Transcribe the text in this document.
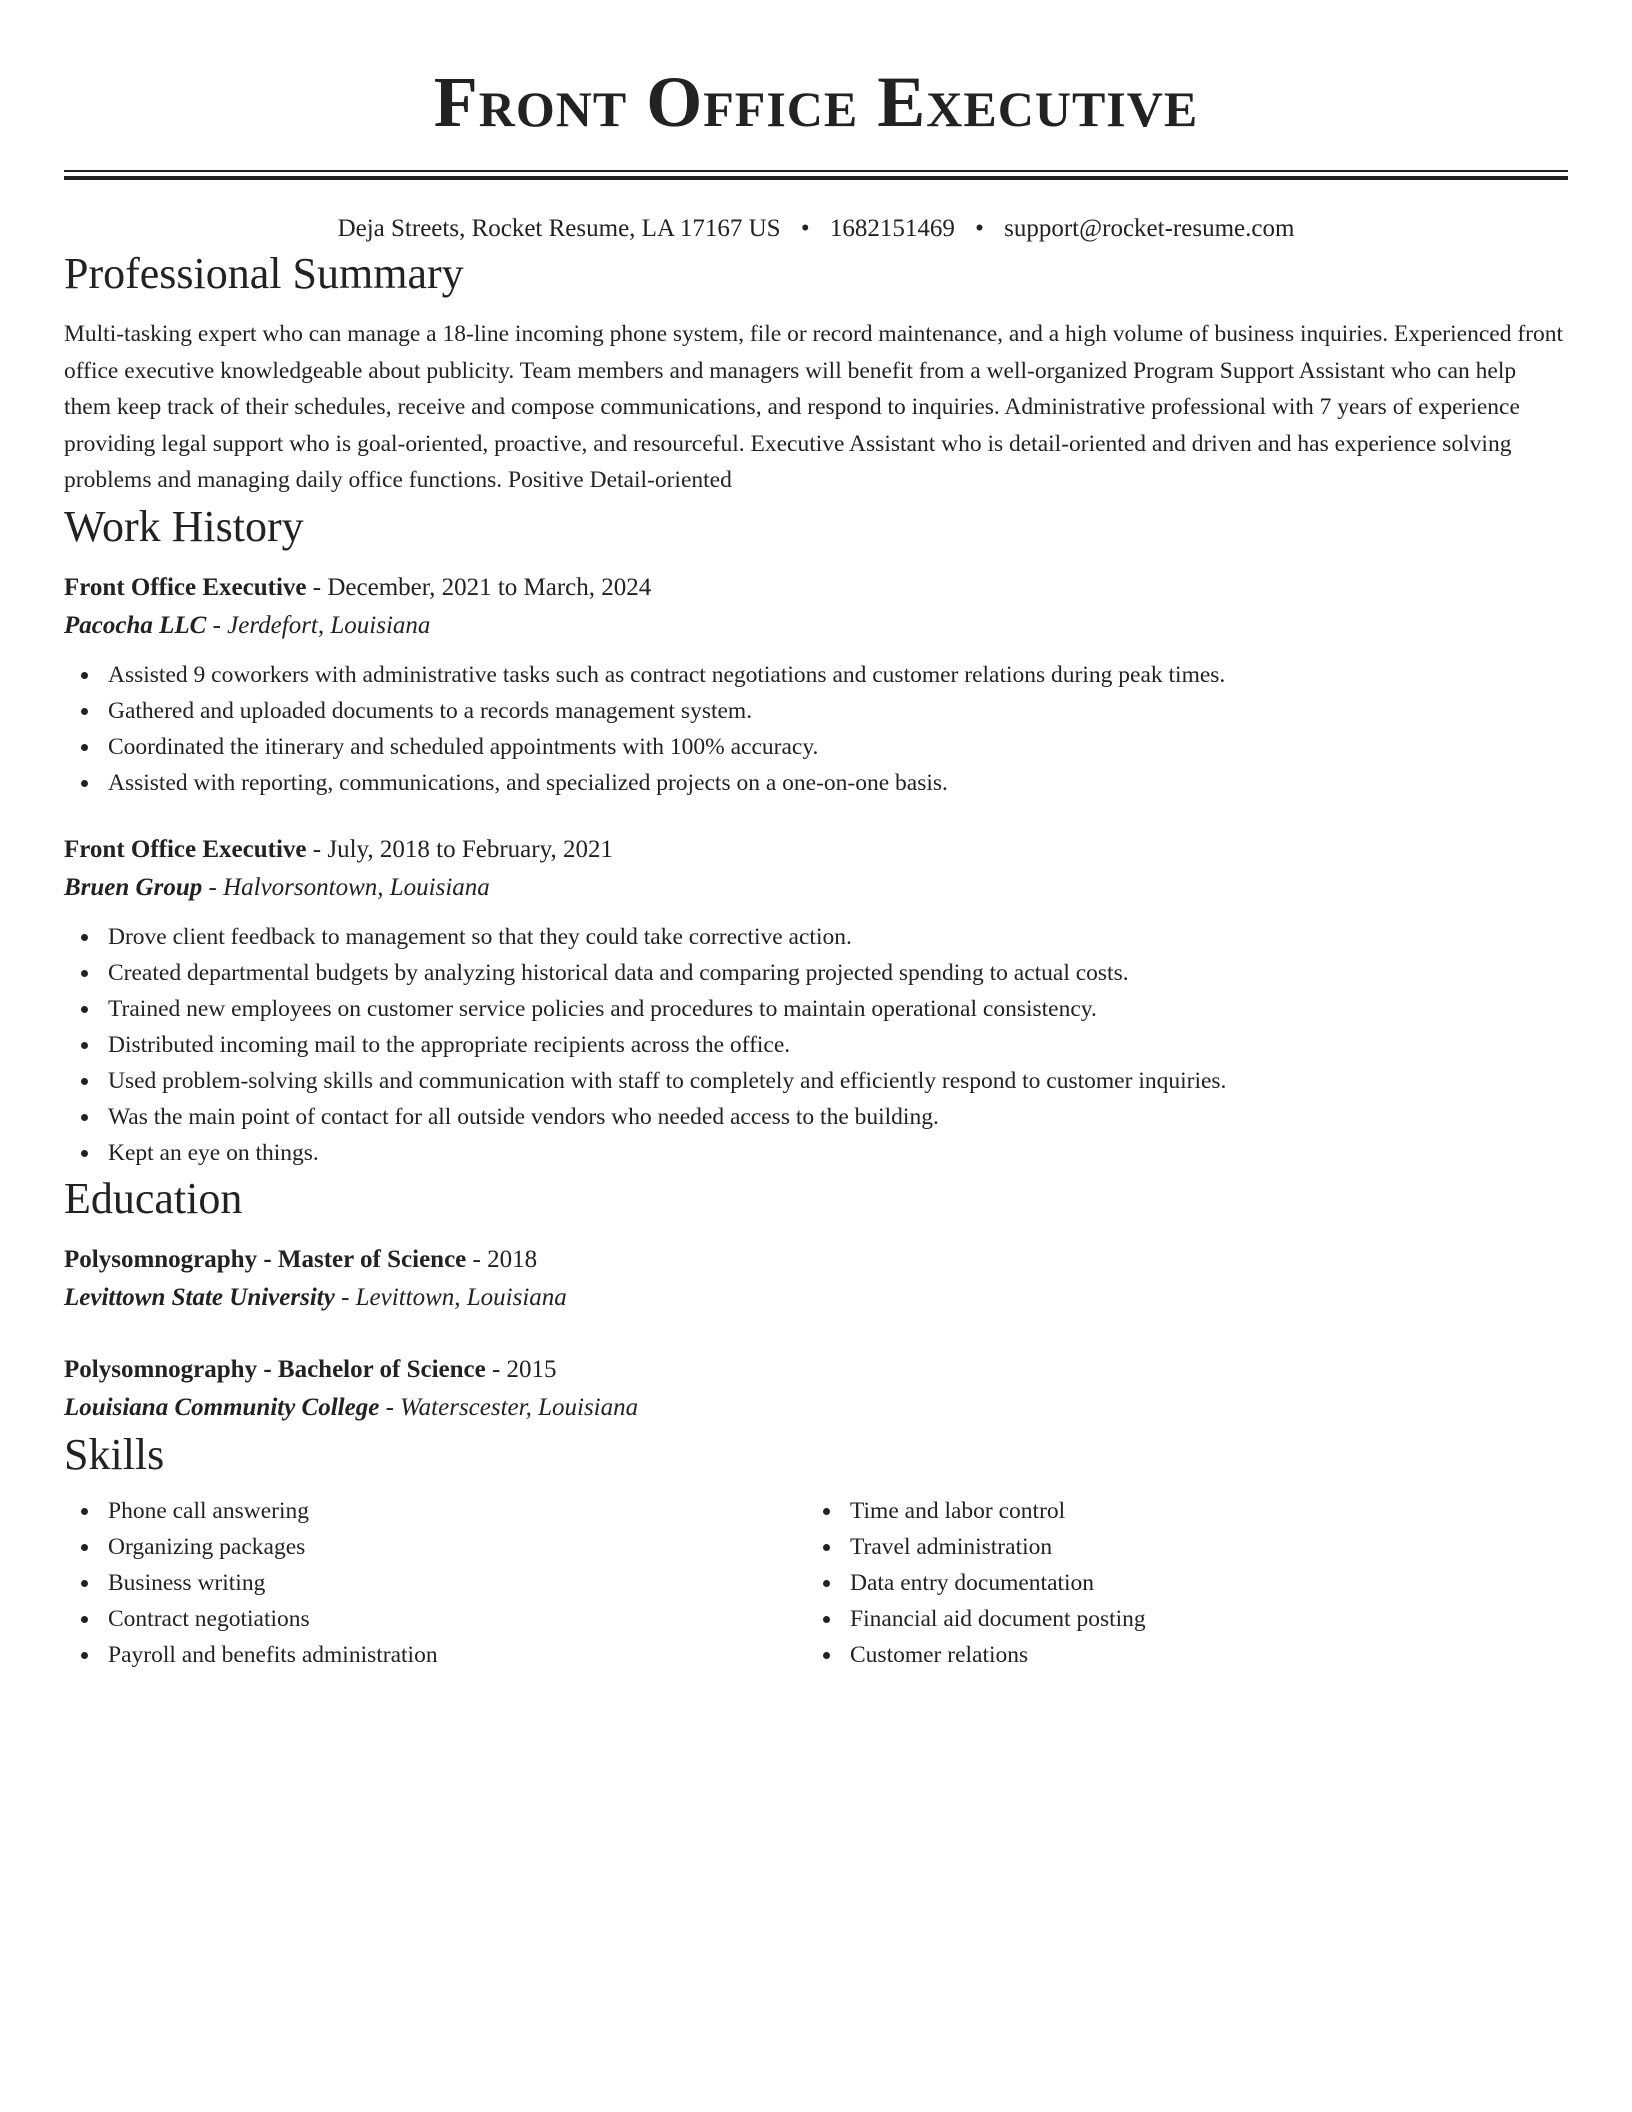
Front Office Executive
Deja Streets, Rocket Resume, LA 17167 US • 1682151469 • support@rocket-resume.com
Professional Summary
Multi-tasking expert who can manage a 18-line incoming phone system, file or record maintenance, and a high volume of business inquiries. Experienced front office executive knowledgeable about publicity. Team members and managers will benefit from a well-organized Program Support Assistant who can help them keep track of their schedules, receive and compose communications, and respond to inquiries. Administrative professional with 7 years of experience providing legal support who is goal-oriented, proactive, and resourceful. Executive Assistant who is detail-oriented and driven and has experience solving problems and managing daily office functions. Positive Detail-oriented
Work History
Front Office Executive - December, 2021 to March, 2024
Pacocha LLC - Jerdefort, Louisiana
Assisted 9 coworkers with administrative tasks such as contract negotiations and customer relations during peak times.
Gathered and uploaded documents to a records management system.
Coordinated the itinerary and scheduled appointments with 100% accuracy.
Assisted with reporting, communications, and specialized projects on a one-on-one basis.
Front Office Executive - July, 2018 to February, 2021
Bruen Group - Halvorsontown, Louisiana
Drove client feedback to management so that they could take corrective action.
Created departmental budgets by analyzing historical data and comparing projected spending to actual costs.
Trained new employees on customer service policies and procedures to maintain operational consistency.
Distributed incoming mail to the appropriate recipients across the office.
Used problem-solving skills and communication with staff to completely and efficiently respond to customer inquiries.
Was the main point of contact for all outside vendors who needed access to the building.
Kept an eye on things.
Education
Polysomnography - Master of Science - 2018
Levittown State University - Levittown, Louisiana
Polysomnography - Bachelor of Science - 2015
Louisiana Community College - Waterscester, Louisiana
Skills
Phone call answering
Organizing packages
Business writing
Contract negotiations
Payroll and benefits administration
Time and labor control
Travel administration
Data entry documentation
Financial aid document posting
Customer relations
